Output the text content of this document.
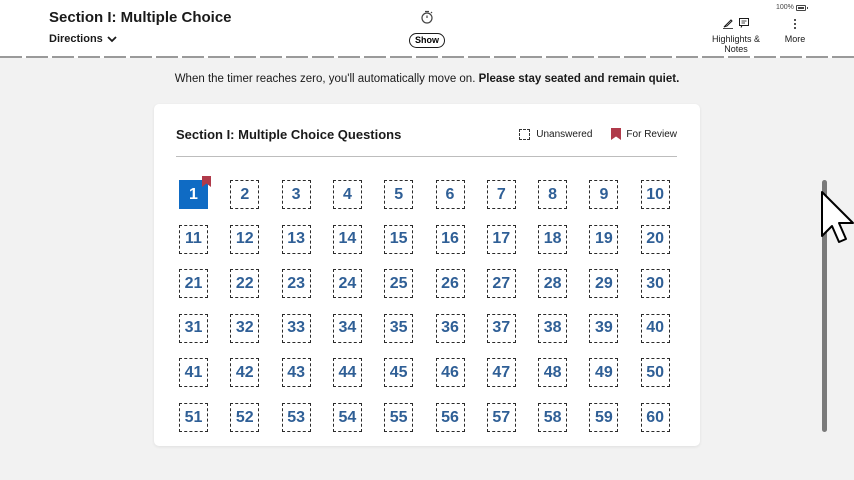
Section I: Multiple Choice
Directions	Show
100%
Highlights & Notes
More
When the timer reaches zero, you'll automatically move on. Please stay seated and remain quiet.
Section I: Multiple Choice Questions	Unanswered	For Review
1	2	3	4	5	6	7	8	9 10
11 12 13 14 15 16 17 18 19 20
21 22 23 24 25 26 27 28 29 30
31 32 33 34 35 36 37 38 39 40
41 42 43 44 45 46 47 48 49 50
51 52 53 54 55 56 57 58 59 60
